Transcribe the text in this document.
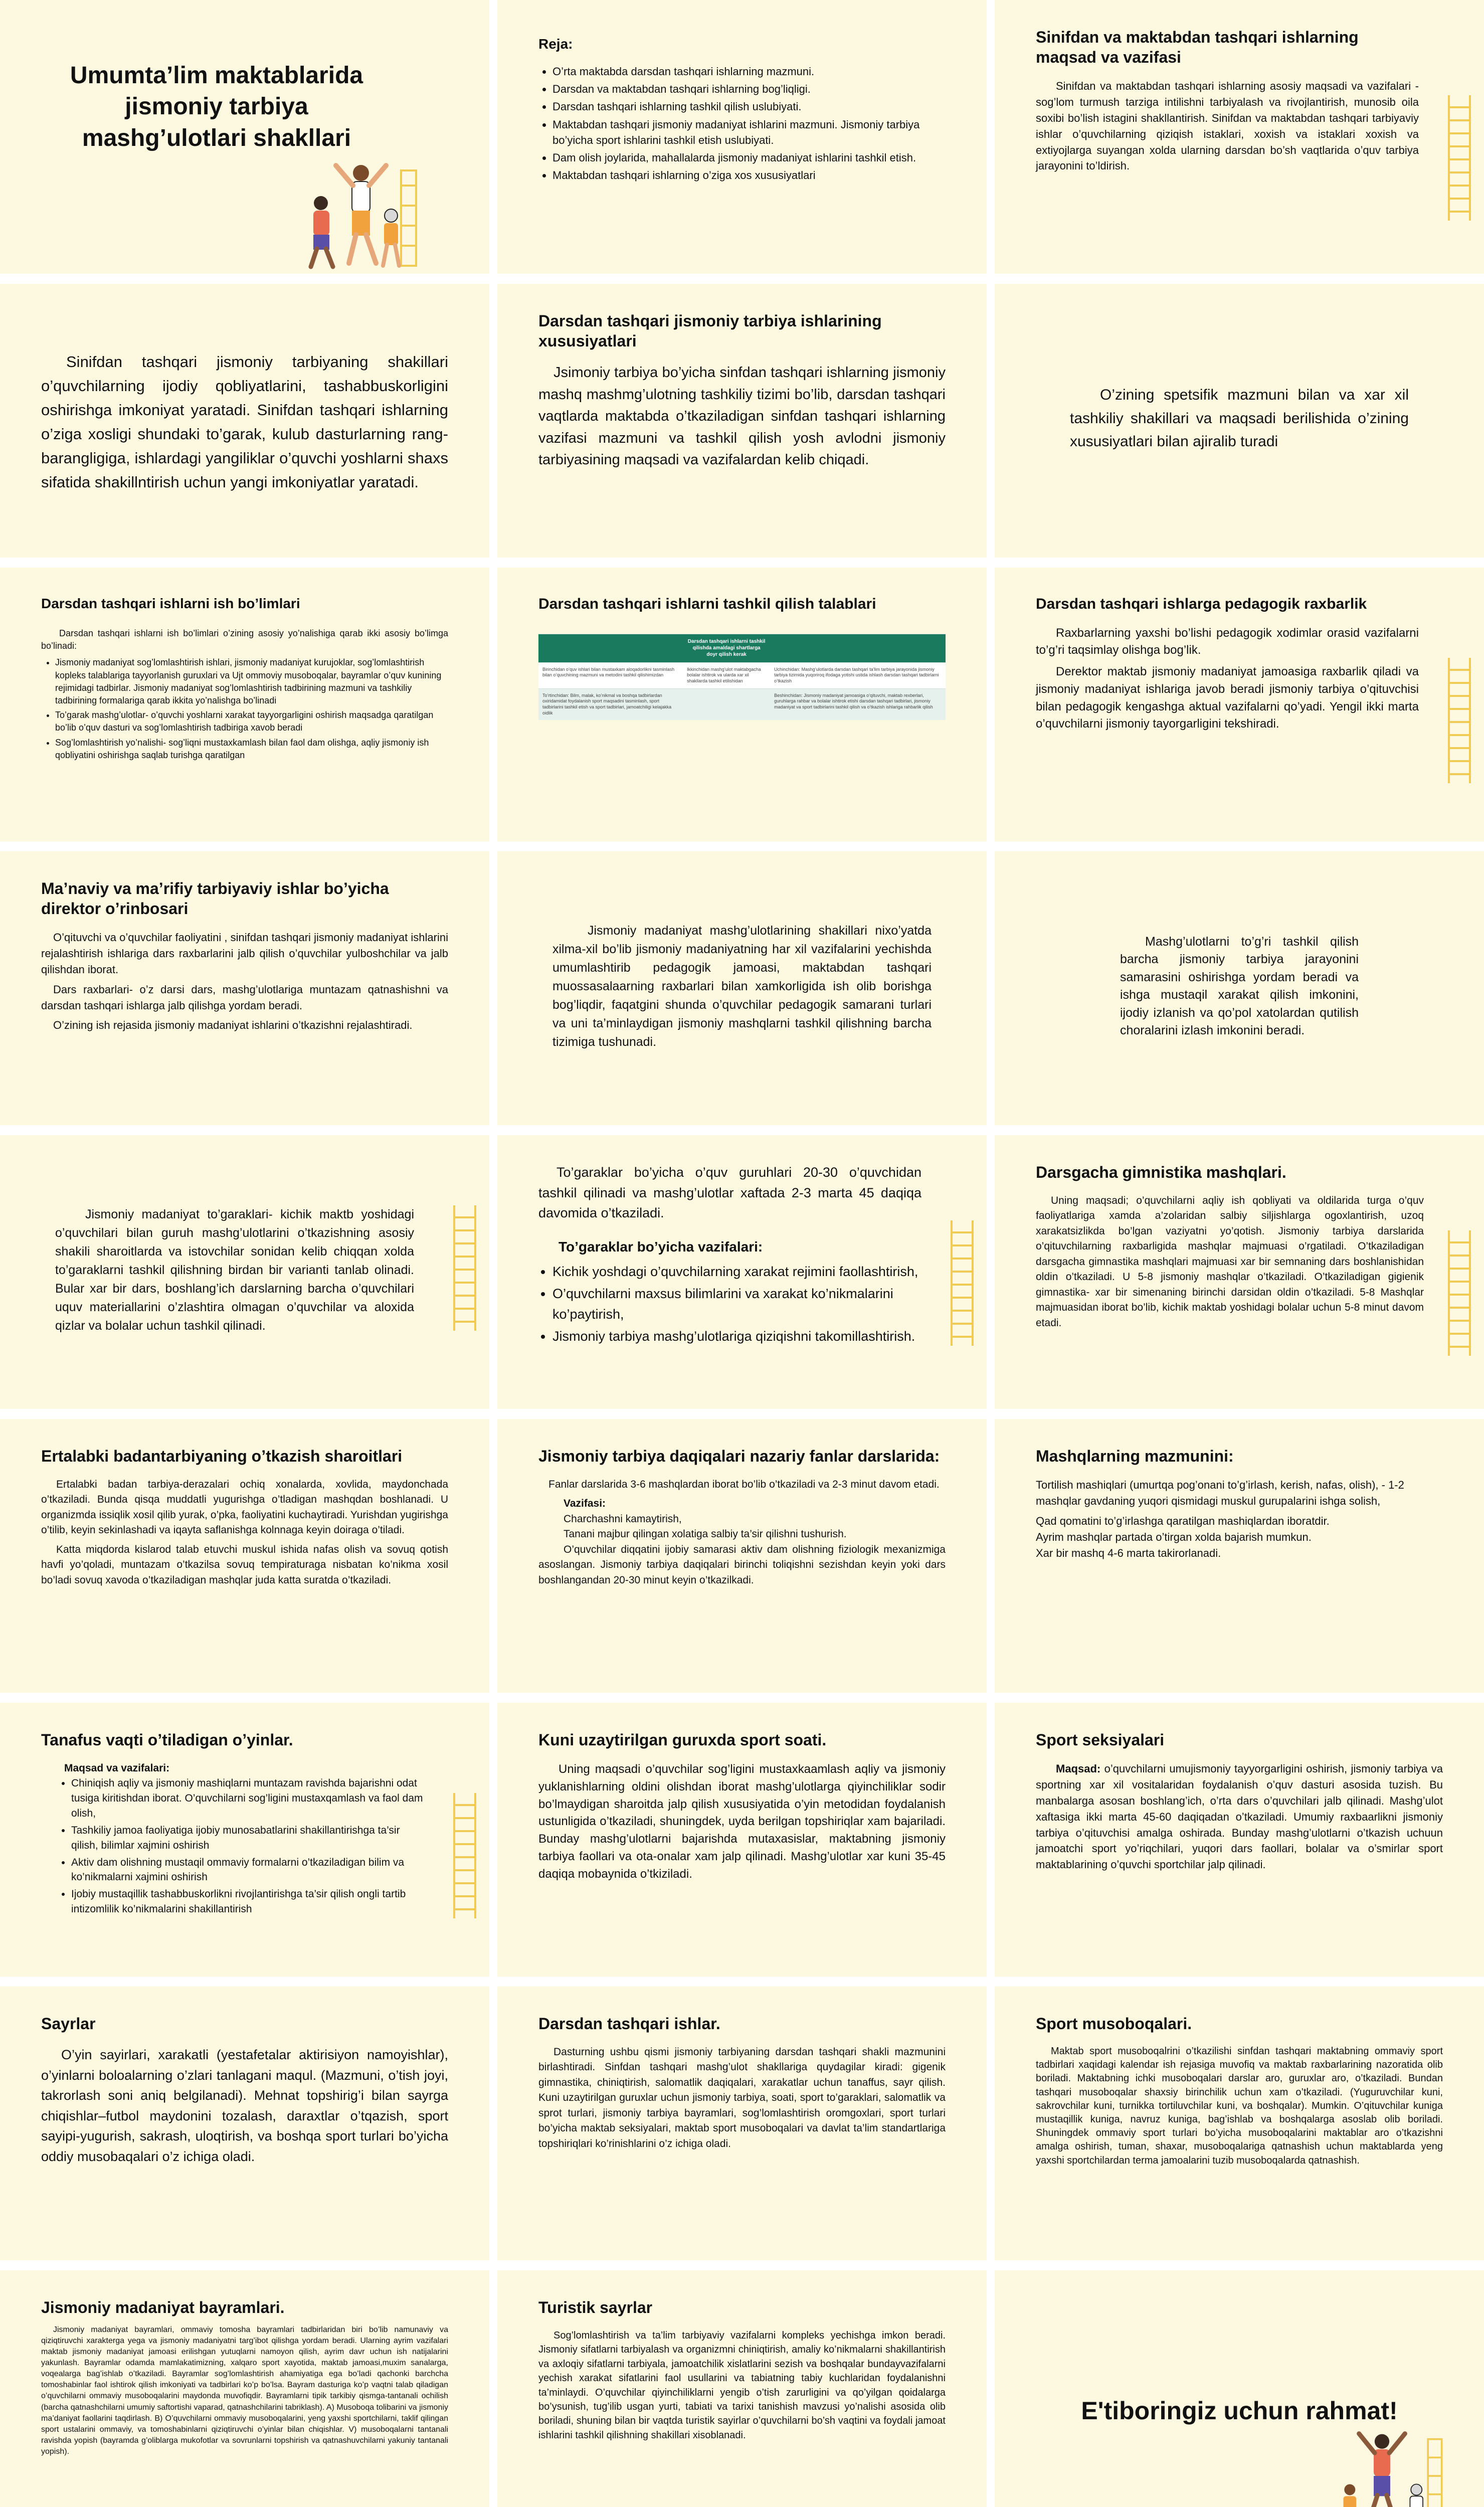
Umumta’lim maktablarida jismoniy tarbiya mashg’ulotlari shakllari
Reja:
• O’rta maktabda darsdan tashqari ishlarning mazmuni.
• Darsdan va maktabdan tashqari ishlarning bog’liqligi.
• Darsdan tashqari ishlarning tashkil qilish uslubiyati.
• Maktabdan tashqari jismoniy madaniyat ishlarini mazmuni. Jismoniy tarbiya bo’yicha sport ishlarini tashkil etish uslubiyati.
• Dam olish joylarida, mahallalarda jismoniy madaniyat ishlarini tashkil etish.
• Maktabdan tashqari ishlarning o’ziga xos xususiyatlari
Sinifdan va maktabdan tashqari ishlarning maqsad va vazifasi

Sinifdan va maktabdan tashqari ishlarning asosiy maqsadi va vazifalari - sog’lom turmush tarziga intilishni tarbiyalash va rivojlantirish, munosib oila soxibi bo’lish istagini shakllantirish. Sinifdan va maktabdan tashqari tarbiyaviy ishlar o’quvchilarning qiziqish istaklari, xoxish va istaklari xoxish va extiyojlarga suyangan xolda ularning darsdan bo’sh vaqtlarida o’quv tarbiya jarayonini to’ldirish.

Sinifdan tashqari jismoniy tarbiyaning shakillari o’quvchilarning ijodiy qobliyatlarini, tashabbuskorligini oshirishga imkoniyat yaratadi. Sinifdan tashqari ishlarning o’ziga xosligi shundaki to’garak, kulub dasturlarning rang-barangligiga, ishlardagi yangiliklar o’quvchi yoshlarni shaxs sifatida shakillntirish uchun yangi imkoniyatlar yaratadi.

Darsdan tashqari jismoniy tarbiya ishlarining xususiyatlari

Jsimoniy tarbiya bo’yicha sinfdan tashqari ishlarning jismoniy mashq mashmg’ulotning tashkiliy tizimi bo’lib, darsdan tashqari vaqtlarda maktabda o’tkaziladigan sinfdan tashqari ishlarning vazifasi mazmuni va tashkil qilish yosh avlodni jismoniy tarbiyasining maqsadi va vazifalardan kelib chiqadi.

O’zining spetsifik mazmuni bilan va xar xil tashkiliy shakillari va maqsadi berilishida o’zining xususiyatlari bilan ajiralib turadi

Darsdan tashqari ishlarni ish bo’limlari

Darsdan tashqari ishlarni ish bo’limlari o’zining asosiy yo’nalishiga qarab ikki asosiy bo’limga bo’linadi:

• Jismoniy madaniyat sog’lomlashtirish ishlari, jismoniy madaniyat kurujoklar, sog’lomlashtirish kopleks talablariga tayyorlanish guruxlari va Ujt ommoviy musoboqalar, bayramlar o’quv kunining rejimidagi tadbirlar. Jismoniy madaniyat sog’lomlashtirish tadbirining mazmuni va tashkiliy tadbirining formalariga qarab ikkita yo’nalishga bo’linadi
• To’garak mashg’ulotlar- o’quvchi yoshlarni xarakat tayyorgarligini oshirish maqsadga qaratilgan bo’lib o’quv dasturi va sog’lomlashtirish tadbiriga xavob beradi
• Sog’lomlashtirish yo’nalishi- sog’liqni mustaxkamlash bilan faol dam olishga, aqliy jismoniy ish qobliyatini oshirishga saqlab turishga qaratilgan
Darsdan tashqari ishlarni tashkil qilish talablari
	Darsdan tashqari ishlarni tashkil qilishda amaldagi shartlarga doyr qilish kerak	
Birinchidan o’quv ishlari bilan mustaxkam aloqadorlikni tasminlash bilan o’quvchining mazmuni va metodini tashkil qilishimizdan	Ikkinchidan mashg’ulot maktabgacha bolalar ishtirok va ularda xar xil shakllarda tashkil etilishidan	Uchinchidan: Mashg’ulotlarda darsdan tashqari ta’lim tarbiya jarayonida jismoniy tarbiya tizimida yuqoriroq ifodaga yotishi ustida ishlash darsdan tashqari tadbirlarni o’tkazish
To’rtinchidan: Bilm, malak, ko’nikmal va boshqa tadbirlardan oxiridamidat foydalanish sport maqsadini tasminlash, sport tadbirlarini tashkil etish va sport tadbirlari, jamoatchiligi kelajakka oidlik		Beshinchidan: Jismoniy madaniyat jamoasiga o’qituvchi, maktab rexberlari, guruhlarga rahbar va bolalar ishtirok etishi darsdan tashqari tadbirlari, jismoniy madaniyat va sport tadbirlarini tashkil qilish va o’tkazish ishlariga rahbarlik qilish
Darsdan tashqari ishlarga pedagogik raxbarlik

Raxbarlarning yaxshi bo’lishi pedagogik xodimlar orasid vazifalarni to’g’ri taqsimlay olishga bog’lik.

Derektor maktab jismoniy madaniyat jamoasiga raxbarlik qiladi va jismoniy madaniyat ishlariga javob beradi jismoniy tarbiya o’qituvchisi bilan pedagogik kengashga aktual vazifalarni qo’yadi. Yengil ikki marta o’quvchilarni jismoniy tayorgarligini tekshiradi.

Ma’naviy va ma’rifiy tarbiyaviy ishlar bo’yicha direktor o’rinbosari

O’qituvchi va o’quvchilar faoliyatini , sinifdan tashqari jismoniy madaniyat ishlarini rejalashtirish ishlariga dars raxbarlarini jalb qilish o’quvchilar yulboshchilar va jalb qilishdan iborat.

Dars raxbarlari- o’z darsi dars, mashg’ulotlariga muntazam qatnashishni va darsdan tashqari ishlarga jalb qilishga yordam beradi.

O’zining ish rejasida jismoniy madaniyat ishlarini o’tkazishni rejalashtiradi.

Jismoniy madaniyat mashg’ulotlarining shakillari nixo’yatda xilma-xil bo’lib jismoniy madaniyatning har xil vazifalarini yechishda umumlashtirib pedagogik jamoasi, maktabdan tashqari muossasalaarning raxbarlari bilan xamkorligida ish olib borishga bog’liqdir, faqatgini shunda o’quvchilar pedagogik samarani turlari va uni ta’minlaydigan jismoniy mashqlarni tashkil qilishning barcha tizimiga tushunadi.

Mashg’ulotlarni to’g’ri tashkil qilish barcha jismoniy tarbiya jarayonini samarasini oshirishga yordam beradi va ishga mustaqil xarakat qilish imkonini, ijodiy izlanish va qo’pol xatolardan qutilish choralarini izlash imkonini beradi.

Jismoniy madaniyat to’garaklari- kichik maktb yoshidagi o’quvchilari bilan guruh mashg’ulotlarini o’tkazishning asosiy shakili sharoitlarda va istovchilar sonidan kelib chiqqan xolda to’garaklarni tashkil qilishning birdan bir varianti tanlab olinadi. Bular xar bir dars, boshlang’ich darslarning barcha o’quvchilari uquv materiallarini o’zlashtira olmagan o’quvchilar va aloxida qizlar va bolalar uchun tashkil qilinadi.

To’garaklar bo’yicha o’quv guruhlari 20-30 o’quvchidan tashkil qilinadi va mashg’ulotlar xaftada 2-3 marta 45 daqiqa davomida o’tkaziladi.

To’garaklar bo’yicha vazifalari:

• Kichik yoshdagi o’quvchilarning xarakat rejimini faollashtirish,
• O’quvchilarni maxsus bilimlarini va xarakat ko’nikmalarini ko’paytirish,
• Jismoniy tarbiya mashg’ulotlariga qiziqishni takomillashtirish.
Darsgacha gimnistika mashqlari.

Uning maqsadi; o’quvchilarni aqliy ish qobliyati va oldilarida turga o’quv faoliyatlariga xamda a’zolaridan salbiy siljishlarga ogoxlantirish, uzoq xarakatsizlikda bo’lgan vaziyatni yo’qotish. Jismoniy tarbiya darslarida o’qituvchilarning raxbarligida mashqlar majmuasi o’rgatiladi. O’tkaziladigan darsgacha gimnastika mashqlari majmuasi xar bir semnaning dars boshlanishidan oldin o’tkaziladi. U 5-8 jismoniy mashqlar o’tkaziladi. O’tkaziladigan gigienik gimnastika- xar bir simenaning birinchi darsidan oldin o’tkaziladi. 5-8 Mashqlar majmuasidan iborat bo’lib, kichik maktab yoshidagi bolalar uchun 5-8 minut davom etadi.

Ertalabki badantarbiyaning o’tkazish sharoitlari

Ertalabki badan tarbiya-derazalari ochiq xonalarda, xovlida, maydonchada o’tkaziladi. Bunda qisqa muddatli yugurishga o’tladigan mashqdan boshlanadi. U organizmda issiqlik xosil qilib yurak, o’pka, faoliyatini kuchaytiradi. Yurishdan yugirishga o’tilib, keyin sekinlashadi va iqayta saflanishga kolnnaga keyin doiraga o’tiladi.

Katta miqdorda kislarod talab etuvchi muskul ishida nafas olish va sovuq qotish havfi yo’qoladi, muntazam o’tkazilsa sovuq tempiraturaga nisbatan ko’nikma xosil bo’ladi sovuq xavoda o’tkaziladigan mashqlar juda katta suratda o’tkaziladi.

Jismoniy tarbiya daqiqalari nazariy fanlar darslarida:

Fanlar darslarida 3-6 mashqlardan iborat bo’lib o’tkaziladi va 2-3 minut davom etadi.

Vazifasi:

Charchashni kamaytirish,

Tanani majbur qilingan xolatiga salbiy ta’sir qilishni tushurish.

O’quvchilar diqqatini ijobiy samarasi aktiv dam olishning fiziologik mexanizmiga asoslangan. Jismoniy tarbiya daqiqalari birinchi toliqishni sezishdan keyin yoki dars boshlangandan 20-30 minut keyin o’tkazilkadi.

Mashqlarning mazmunini:

Tortilish mashiqlari (umurtqa pog’onani to’g’irlash, kerish, nafas, olish), - 1-2 mashqlar gavdaning yuqori qismidagi muskul gurupalarini ishga solish,

Qad qomatini to’g’irlashga qaratilgan mashiqlardan iboratdir.

Ayrim mashqlar partada o’tirgan xolda bajarish mumkun.

Xar bir mashq 4-6 marta takirorlanadi.

Tanafus vaqti o’tiladigan o’yinlar.

Maqsad va vazifalari:

• Chiniqish aqliy va jismoniy mashiqlarni muntazam ravishda bajarishni odat tusiga kiritishdan iborat. O’quvchilarni sog’ligini mustaxqamlash va faol dam olish,
• Tashkiliy jamoa faoliyatiga ijobiy munosabatlarini shakillantirishga ta’sir qilish, bilimlar xajmini oshirish
• Aktiv dam olishning mustaqil ommaviy formalarni o’tkaziladigan bilim va ko’nikmalarni xajmini oshirish
• Ijobiy mustaqillik tashabbuskorlikni rivojlantirishga ta’sir qilish ongli tartib intizomlilik ko’nikmalarini shakillantirish
Kuni uzaytirilgan guruxda sport soati.

Uning maqsadi o’quvchilar sog’ligini mustaxkaamlash aqliy va jismoniy yuklanishlarning oldini olishdan iborat mashg’ulotlarga qiyinchiliklar sodir bo’lmaydigan sharoitda jalp qilish xususiyatida o’yin metodidan foydalanish ustunligida o’tkaziladi, shuningdek, uyda berilgan topshiriqlar xam bajariladi. Bunday mashg’ulotlarni bajarishda mutaxasislar, maktabning jismoniy tarbiya faollari va ota-onalar xam jalp qilinadi. Mashg’ulotlar xar kuni 35-45 daqiqa mobaynida o’tkiziladi.

Sport seksiyalari

Maqsad: o’quvchilarni umujismoniy tayyorgarligini oshirish, jismoniy tarbiya va sportning xar xil vositalaridan foydalanish o’quv dasturi asosida tuzish. Bu manbalarga asosan boshlang’ich, o’rta dars o’quvchilari jalb qilinadi. Mashg’ulot xaftasiga ikki marta 45-60 daqiqadan o’tkaziladi. Umumiy raxbaarlikni jismoniy tarbiya o’qituvchisi amalga oshirada. Bunday mashg’ulotlarni o’tkazish uchuun jamoatchi sport yo’riqchilari, yuqori dars faollari, bolalar va o’smirlar sport maktablarining o’quvchi sportchilar jalp qilinadi.

Sayrlar

O’yin sayirlari, xarakatli (yestafetalar aktirisiyon namoyishlar), o’yinlarni boloalarning o’zlari tanlagani maqul. (Mazmuni, o’tish joyi, takrorlash soni aniq belgilanadi). Mehnat topshirig’i bilan sayrga chiqishlar–futbol maydonini tozalash, daraxtlar o’tqazish, sport sayipi-yugurish, sakrash, uloqtirish, va boshqa sport turlari bo’yicha oddiy musobaqalari o’z ichiga oladi.

Darsdan tashqari ishlar.

Dasturning ushbu qismi jismoniy tarbiyaning darsdan tashqari shakli mazmunini birlashtiradi. Sinfdan tashqari mashg’ulot shakllariga quydagilar kiradi: gigenik gimnastika, chiniqtirish, salomatlik daqiqalari, xarakatlar uchun tanaffus, sayr qilish. Kuni uzaytirilgan guruxlar uchun jismoniy tarbiya, soati, sport to’garaklari, salomatlik va sprot turlari, jismoniy tarbiya bayramlari, sog’lomlashtirish oromgoxlari, sport turlari bo’yicha maktab seksiyalari, maktab sport musoboqalari va davlat ta’lim standartlariga topshiriqlari ko’rinishlarini o’z ichiga oladi.

Sport musoboqalari.

Maktab sport musoboqalrini o’tkazilishi sinfdan tashqari maktabning ommaviy sport tadbirlari xaqidagi kalendar ish rejasiga muvofiq va maktab raxbarlarining nazoratida olib boriladi. Maktabning ichki musoboqalari darslar aro, guruxlar aro, o’tkaziladi. Bundan tashqari musoboqalar shaxsiy birinchilik uchun xam o’tkaziladi. (Yuguruvchilar kuni, sakrovchilar kuni, turnikka tortiluvchilar kuni, va boshqalar). Mumkin. O’qituvchilar kuniga mustaqillik kuniga, navruz kuniga, bag’ishlab va boshqalarga asoslab olib boriladi. Shuningdek ommaviy sport turlari bo’yicha musoboqalarini maktablar aro o’tkazishni amalga oshirish, tuman, shaxar, musoboqalariga qatnashish uchun maktablarda yeng yaxshi sportchilardan terma jamoalarini tuzib musoboqalarda qatnashish.

Jismoniy madaniyat bayramlari.

Jismoniy madaniyat bayramlari, ommaviy tomosha bayramlari tadbirlaridan biri bo’lib namunaviy va qiziqtiruvchi xarakterga yega va jismoniy madaniyatni targ’ibot qilishga yordam beradi. Ularning ayrim vazifalari maktab jismoniy madaniyat jamoasi erilishgan yutuqlarni namoyon qilish, ayrim davr uchun ish natijalarini yakunlash. Bayramlar odamda mamlakatimizning, xalqaro sport xayotida, maktab jamoasi,muxim sanalarga, voqealarga bag’ishlab o’tkaziladi. Bayramlar sog’lomlashtirish ahamiyatiga ega bo’ladi qachonki barchcha tomoshabinlar faol ishtirok qilish imkoniyati va tadbirlari ko’p bo’lsa. Bayram dasturiga ko’p vaqtni talab qiladigan o’quvchilarni ommaviy musoboqalarini maydonda muvofiqdir. Bayramlarni tipik tarkibiy qismga-tantanali ochilish (barcha qatnashchilarni umumiy saftortishi vaparad, qatnashchilarini tabriklash). A) Musoboqa tolibarini va jismoniy ma’daniyat faollarini taqdirlash. B) O’quvchilarni ommaviy musoboqalarini, yeng yaxshi sportchilarni, taklif qilingan sport ustalarini ommaviy, va tomoshabinlarni qiziqtiruvchi o’yinlar bilan chiqishlar. V) musoboqalarni tantanali ravishda yopish (bayramda g’oliblarga mukofotlar va sovrunlarni topshirish va qatnashuvchilarni yakuniy tantanali yopish).

Turistik sayrlar

Sog’lomlashtirish va ta’lim tarbiyaviy vazifalarni kompleks yechishga imkon beradi. Jismoniy sifatlarni tarbiyalash va organizmni chiniqtirish, amaliy ko’nikmalarni shakillantirish va axloqiy sifatlarni tarbiyala, jamoatchilik xislatlarini sezish va boshqalar bundayvazifalarni yechish xarakat sifatlarini faol usullarini va tabiatning tabiy kuchlaridan foydalanishni ta’minlaydi. O’quvchilar qiyinchiliklarni yengib o’tish zarurligini va qo’yilgan qoidalarga bo’ysunish, tug’ilib usgan yurti, tabiati va tarixi tanishish mavzusi yo’nalishi asosida olib boriladi, shuning bilan bir vaqtda turistik sayirlar o’quvchilarni bo’sh vaqtini va foydali jamoat ishlarini tashkil qilishning shakillari xisoblanadi.

E'tiboringiz uchun rahmat!
